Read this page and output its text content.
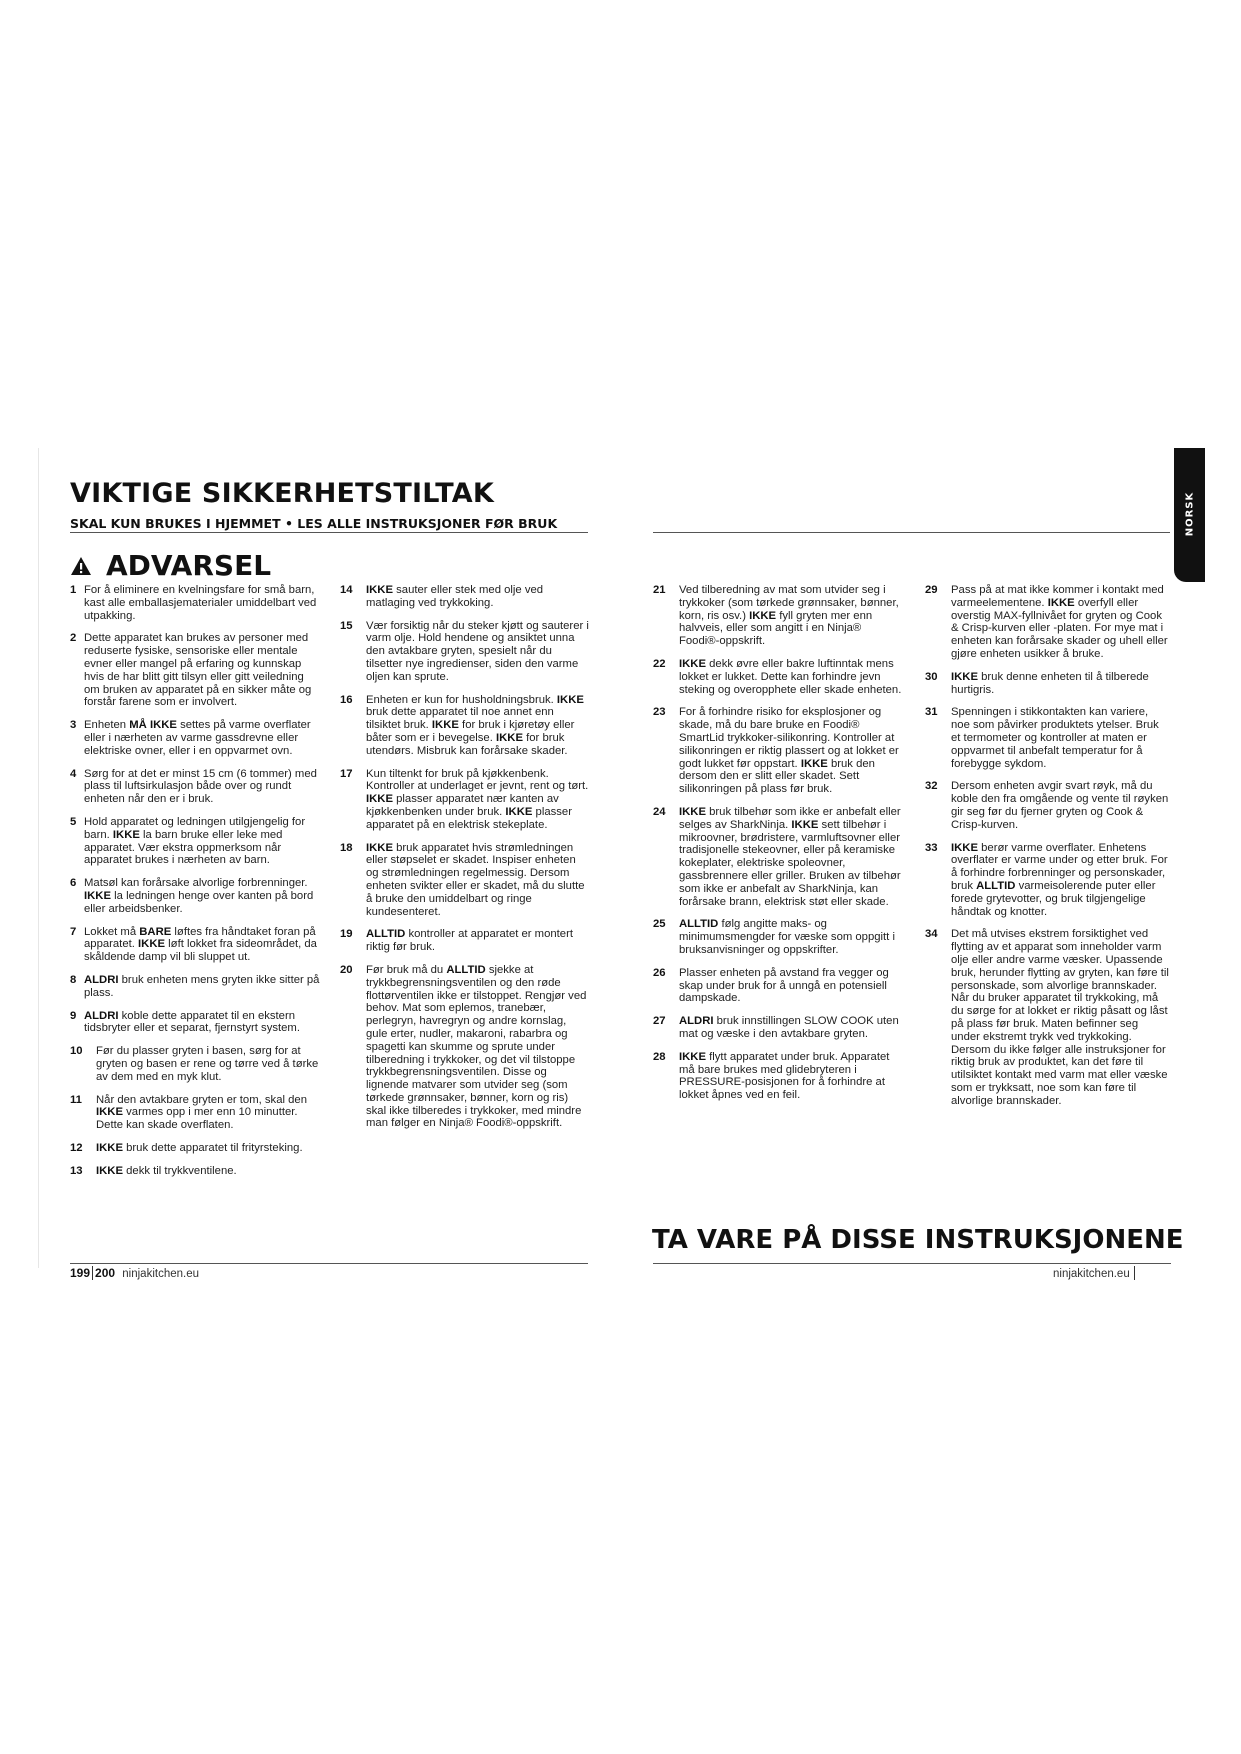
VIKTIGE SIKKERHETSTILTAK
SKAL KUN BRUKES I HJEMMET • LES ALLE INSTRUKSJONER FØR BRUK	NORSK
ADVARSEL
1 For å eliminere en kvelningsfare for små barn, kast alle emballasjematerialer umiddelbart ved utpakking.
2 Dette apparatet kan brukes av personer med reduserte fysiske, sensoriske eller mentale evner eller mangel på erfaring og kunnskap hvis de har blitt gitt tilsyn eller gitt veiledning om bruken av apparatet på en sikker måte og forstår farene som er involvert.
3 Enheten MÅ IKKE settes på varme overflater eller i nærheten av varme gassdrevne eller elektriske ovner, eller i en oppvarmet ovn.
4 Sørg for at det er minst 15 cm (6 tommer) med plass til luftsirkulasjon både over og rundt enheten når den er i bruk.
5 Hold apparatet og ledningen utilgjengelig for barn. IKKE la barn bruke eller leke med apparatet. Vær ekstra oppmerksom når apparatet brukes i nærheten av barn.
6 Matsøl kan forårsake alvorlige forbrenninger. IKKE la ledningen henge over kanten på bord eller arbeidsbenker.
7 Lokket må BARE løftes fra håndtaket foran på apparatet. IKKE løft lokket fra sideområdet, da skåldende damp vil bli sluppet ut.
8 ALDRI bruk enheten mens gryten ikke sitter på plass.
9 ALDRI koble dette apparatet til en ekstern tidsbryter eller et separat, fjernstyrt system.
10	Før du plasser gryten i basen, sørg for at gryten og basen er rene og tørre ved å tørke av dem med en myk klut.
11	Når den avtakbare gryten er tom, skal den IKKE varmes opp i mer enn 10 minutter. Dette kan skade overflaten.
12	IKKE bruk dette apparatet til frityrsteking.
13	IKKE dekk til trykkventilene.
14	IKKE sauter eller stek med olje ved matlaging ved trykkoking.
15	Vær forsiktig når du steker kjøtt og sauterer i varm olje. Hold hendene og ansiktet unna den avtakbare gryten, spesielt når du tilsetter nye ingredienser, siden den varme oljen kan sprute.
16	Enheten er kun for husholdningsbruk. IKKE bruk dette apparatet til noe annet enn tilsiktet bruk. IKKE for bruk i kjøretøy eller båter som er i bevegelse. IKKE for bruk utendørs. Misbruk kan forårsake skader.
17	Kun tiltenkt for bruk på kjøkkenbenk. Kontroller at underlaget er jevnt, rent og tørt. IKKE plasser apparatet nær kanten av kjøkkenbenken under bruk. IKKE plasser apparatet på en elektrisk stekeplate.
18	IKKE bruk apparatet hvis strømledningen eller støpselet er skadet. Inspiser enheten og strømledningen regelmessig. Dersom enheten svikter eller er skadet, må du slutte å bruke den umiddelbart og ringe kundesenteret.
19	ALLTID kontroller at apparatet er montert riktig før bruk.
20	Før bruk må du ALLTID sjekke at trykkbegrensningsventilen og den røde flottørventilen ikke er tilstoppet. Rengjør ved behov. Mat som eplemos, tranebær, perlegryn, havregryn og andre kornslag, gule erter, nudler, makaroni, rabarbra og spagetti kan skumme og sprute under tilberedning i trykkoker, og det vil tilstoppe trykkbegrensningsventilen. Disse og lignende matvarer som utvider seg (som tørkede grønnsaker, bønner, korn og ris) skal ikke tilberedes i trykkoker, med mindre man følger en Ninja® Foodi®-oppskrift.
21	Ved tilberedning av mat som utvider seg i trykkoker (som tørkede grønnsaker, bønner, korn, ris osv.) IKKE fyll gryten mer enn halvveis, eller som angitt i en Ninja® Foodi®-oppskrift.
22	IKKE dekk øvre eller bakre luftinntak mens lokket er lukket. Dette kan forhindre jevn steking og overopphete eller skade enheten.
23	For å forhindre risiko for eksplosjoner og skade, må du bare bruke en Foodi® SmartLid trykkoker-silikonring. Kontroller at silikonringen er riktig plassert og at lokket er godt lukket før oppstart. IKKE bruk den dersom den er slitt eller skadet. Sett silikonringen på plass før bruk.
24	IKKE bruk tilbehør som ikke er anbefalt eller selges av SharkNinja. IKKE sett tilbehør i mikroovner, brødristere, varmluftsovner eller tradisjonelle stekeovner, eller på keramiske kokeplater, elektriske spoleovner, gassbrennere eller griller. Bruken av tilbehør som ikke er anbefalt av SharkNinja, kan forårsake brann, elektrisk støt eller skade.
25	ALLTID følg angitte maks- og minimumsmengder for væske som oppgitt i bruksanvisninger og oppskrifter.
26	Plasser enheten på avstand fra vegger og skap under bruk for å unngå en potensiell dampskade.
27	ALDRI bruk innstillingen SLOW COOK uten mat og væske i den avtakbare gryten.
28	IKKE flytt apparatet under bruk. Apparatet må bare brukes med glidebryteren i PRESSURE-posisjonen for å forhindre at lokket åpnes ved en feil.
29	Pass på at mat ikke kommer i kontakt med varmeelementene. IKKE overfyll eller overstig MAX-fyllnivået for gryten og Cook & Crisp-kurven eller -platen. For mye mat i enheten kan forårsake skader og uhell eller gjøre enheten usikker å bruke.
30	IKKE bruk denne enheten til å tilberede hurtigris.
31	Spenningen i stikkontakten kan variere, noe som påvirker produktets ytelser. Bruk et termometer og kontroller at maten er oppvarmet til anbefalt temperatur for å forebygge sykdom.
32	Dersom enheten avgir svart røyk, må du koble den fra omgående og vente til røyken gir seg før du fjerner gryten og Cook & Crisp-kurven.
33	IKKE berør varme overflater. Enhetens overflater er varme under og etter bruk. For å forhindre forbrenninger og personskader, bruk ALLTID varmeisolerende puter eller forede grytevotter, og bruk tilgjengelige håndtak og knotter.
34	Det må utvises ekstrem forsiktighet ved flytting av et apparat som inneholder varm olje eller andre varme væsker. Upassende bruk, herunder flytting av gryten, kan føre til personskade, som alvorlige brannskader. Når du bruker apparatet til trykkoking, må du sørge for at lokket er riktig påsatt og låst på plass før bruk. Maten befinner seg under ekstremt trykk ved trykkoking. Dersom du ikke følger alle instruksjoner for riktig bruk av produktet, kan det føre til utilsiktet kontakt med varm mat eller væske som er trykksatt, noe som kan føre til alvorlige brannskader.
TA VARE PÅ DISSE INSTRUKSJONENE
199 200 ninjakitchen.eu	ninjakitchen.eu
